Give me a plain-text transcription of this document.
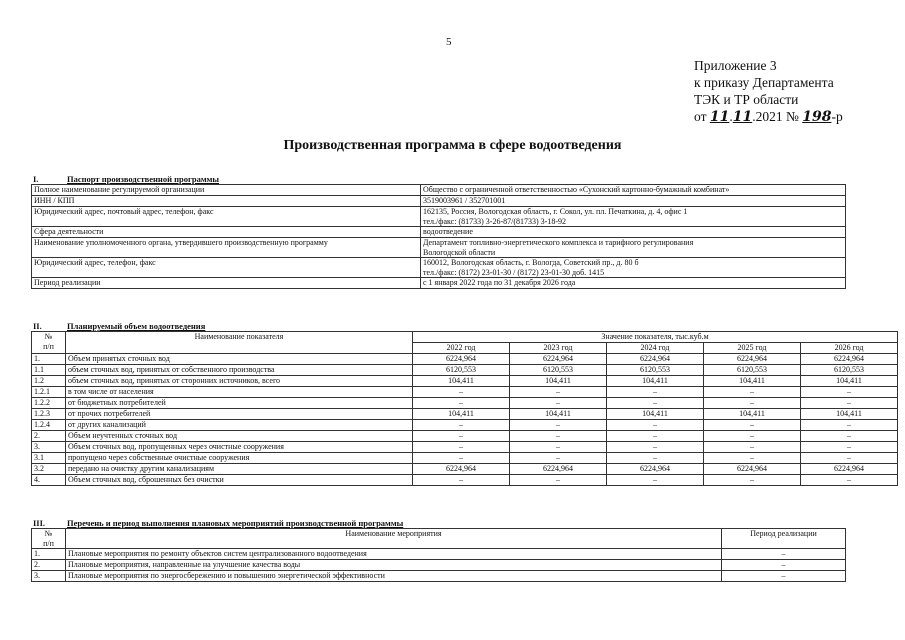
5
Приложение 3
к приказу Департамента
ТЭК и ТР области
от 11.11.2021 № 198-р
Производственная программа в сфере водоотведения
I.	Паспорт производственной программы
Полное наименование регулируемой организации	Общество с ограниченной ответственностью «Сухонский картонно-бумажный комбинат»

ИНН / КПП	3519003961 / 352701001

Юридический адрес, почтовый адрес, телефон, факс	162135, Россия, Вологодская область, г. Сокол, ул. пл. Печаткина, д. 4, офис 1
тел./факс: (81733) 3-26-87/(81733) 3-18-92

Сфера деятельности	водоотведение

Наименование уполномоченного органа, утвердившего производственную программу	Департамент топливно-энергетического комплекса и тарифного регулирования
Вологодской области

Юридический адрес, телефон, факс	160012, Вологодская область, г. Вологда, Советский пр., д. 80 б
тел./факс: (8172) 23-01-30 / (8172) 23-01-30 доб. 1415

Период реализации	с 1 января 2022 года по 31 декабря 2026 года
II.	Планируемый объем водоотведения
№
п/п	Наименование показателя	Значение показателя, тыс.куб.м				
		2022 год	2023 год	2024 год	2025 год	2026 год
1.	Объем принятых сточных вод	6224,964	6224,964	6224,964	6224,964	6224,964
1.1	объем сточных вод, принятых от собственного производства	6120,553	6120,553	6120,553	6120,553	6120,553
1.2	объем сточных вод, принятых от сторонних источников, всего	104,411	104,411	104,411	104,411	104,411
1.2.1	в том числе от населения	–	–	–	–	–
1.2.2	от бюджетных потребителей	–	–	–	–	–
1.2.3	от прочих потребителей	104,411	104,411	104,411	104,411	104,411
1.2.4	от других канализаций	–	–	–	–	–
2.	Объем неучтенных сточных вод	–	–	–	–	–
3.	Объем сточных вод, пропущенных через очистные сооружения	–	–	–	–	–
3.1	пропущено через собственные очистные сооружения	–	–	–	–	–
3.2	передано на очистку другим канализациям	6224,964	6224,964	6224,964	6224,964	6224,964
4.	Объем сточных вод, сброшенных без очистки	–	–	–	–	–
III.	Перечень и период выполнения плановых мероприятий производственной программы
№
п/п	Наименование мероприятия	Период реализации
1.	Плановые мероприятия по ремонту объектов систем централизованного водоотведения	–
2.	Плановые мероприятия, направленные на улучшение качества воды	–
3.	Плановые мероприятия по энергосбережению и повышению энергетической эффективности	–
